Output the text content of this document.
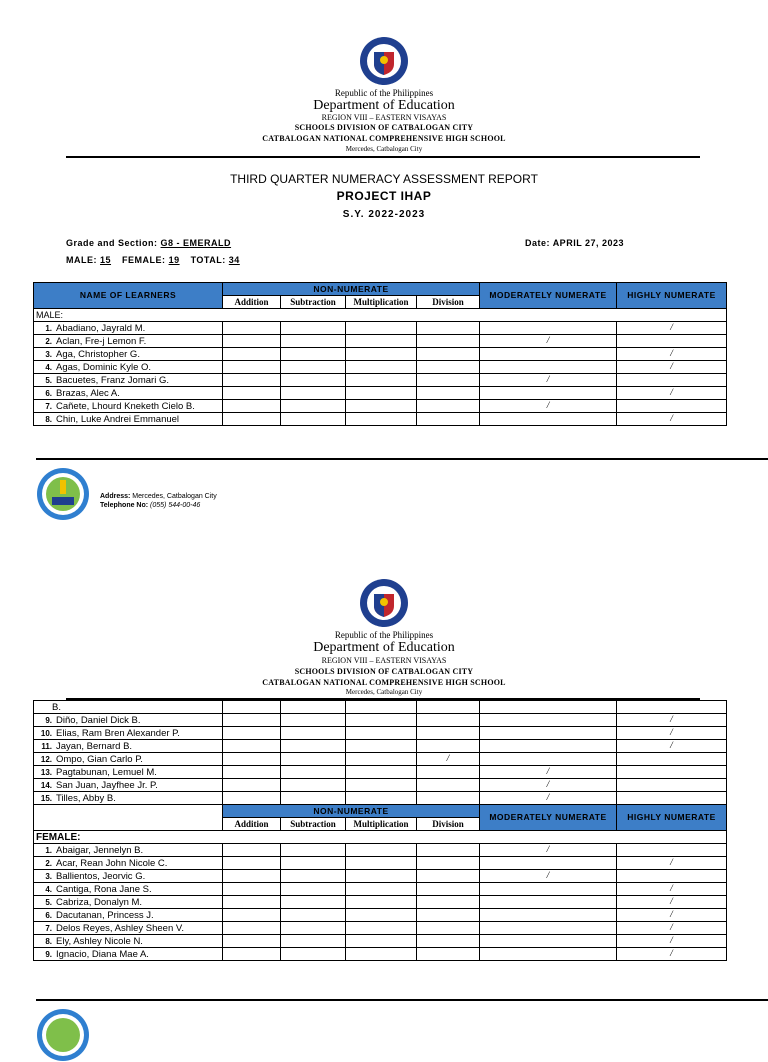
Republic of the Philippines
Department of Education
REGION VIII – EASTERN VISAYAS
SCHOOLS DIVISION OF CATBALOGAN CITY
CATBALOGAN NATIONAL COMPREHENSIVE HIGH SCHOOL
Mercedes, Catbalogan City
THIRD QUARTER NUMERACY ASSESSMENT REPORT
PROJECT IHAP
S.Y. 2022-2023
Grade and Section: G8 - EMERALD	Date: APRIL 27, 2023
MALE: 15 FEMALE: 19 TOTAL: 34
NAME OF LEARNERS	NON-NUMERATE				MODERATELY NUMERATE	HIGHLY NUMERATE
	Addition	Subtraction	Multiplication	Division		
MALE:						
1. Abadiano, Jayrald M.						/
2. Aclan, Fre-j Lemon F.					/	
3. Aga, Christopher G.						/
4. Agas, Dominic Kyle O.						/
5. Bacuetes, Franz Jomari G.					/	
6. Brazas, Alec A.						/
7. Cañete, Lhourd Kneketh Cielo B.					/	
8. Chin, Luke Andrei Emmanuel						/
Address: Mercedes, Catbalogan City
Telephone No: (055) 544-00-46
Republic of the Philippines
Department of Education
REGION VIII – EASTERN VISAYAS
SCHOOLS DIVISION OF CATBALOGAN CITY
CATBALOGAN NATIONAL COMPREHENSIVE HIGH SCHOOL
Mercedes, Catbalogan City
B.						
9. Diño, Daniel Dick B.						/
10. Elias, Ram Bren Alexander P.						/
11. Jayan, Bernard B.						/
12. Ompo, Gian Carlo P.				/		
13. Pagtabunan, Lemuel M.					/	
14. San Juan, Jayfhee Jr. P.					/	
15. Tilles, Abby B.					/	
	NON-NUMERATE				MODERATELY NUMERATE	HIGHLY NUMERATE
	Addition	Subtraction	Multiplication	Division		
FEMALE:						
1. Abaigar, Jennelyn B.					/	
2. Acar, Rean John Nicole C.						/
3. Ballientos, Jeorvic G.					/	
4. Cantiga, Rona Jane S.						/
5. Cabriza, Donalyn M.						/
6. Dacutanan, Princess J.						/
7. Delos Reyes, Ashley Sheen V.						/
8. Ely, Ashley Nicole N.						/
9. Ignacio, Diana Mae A.						/
